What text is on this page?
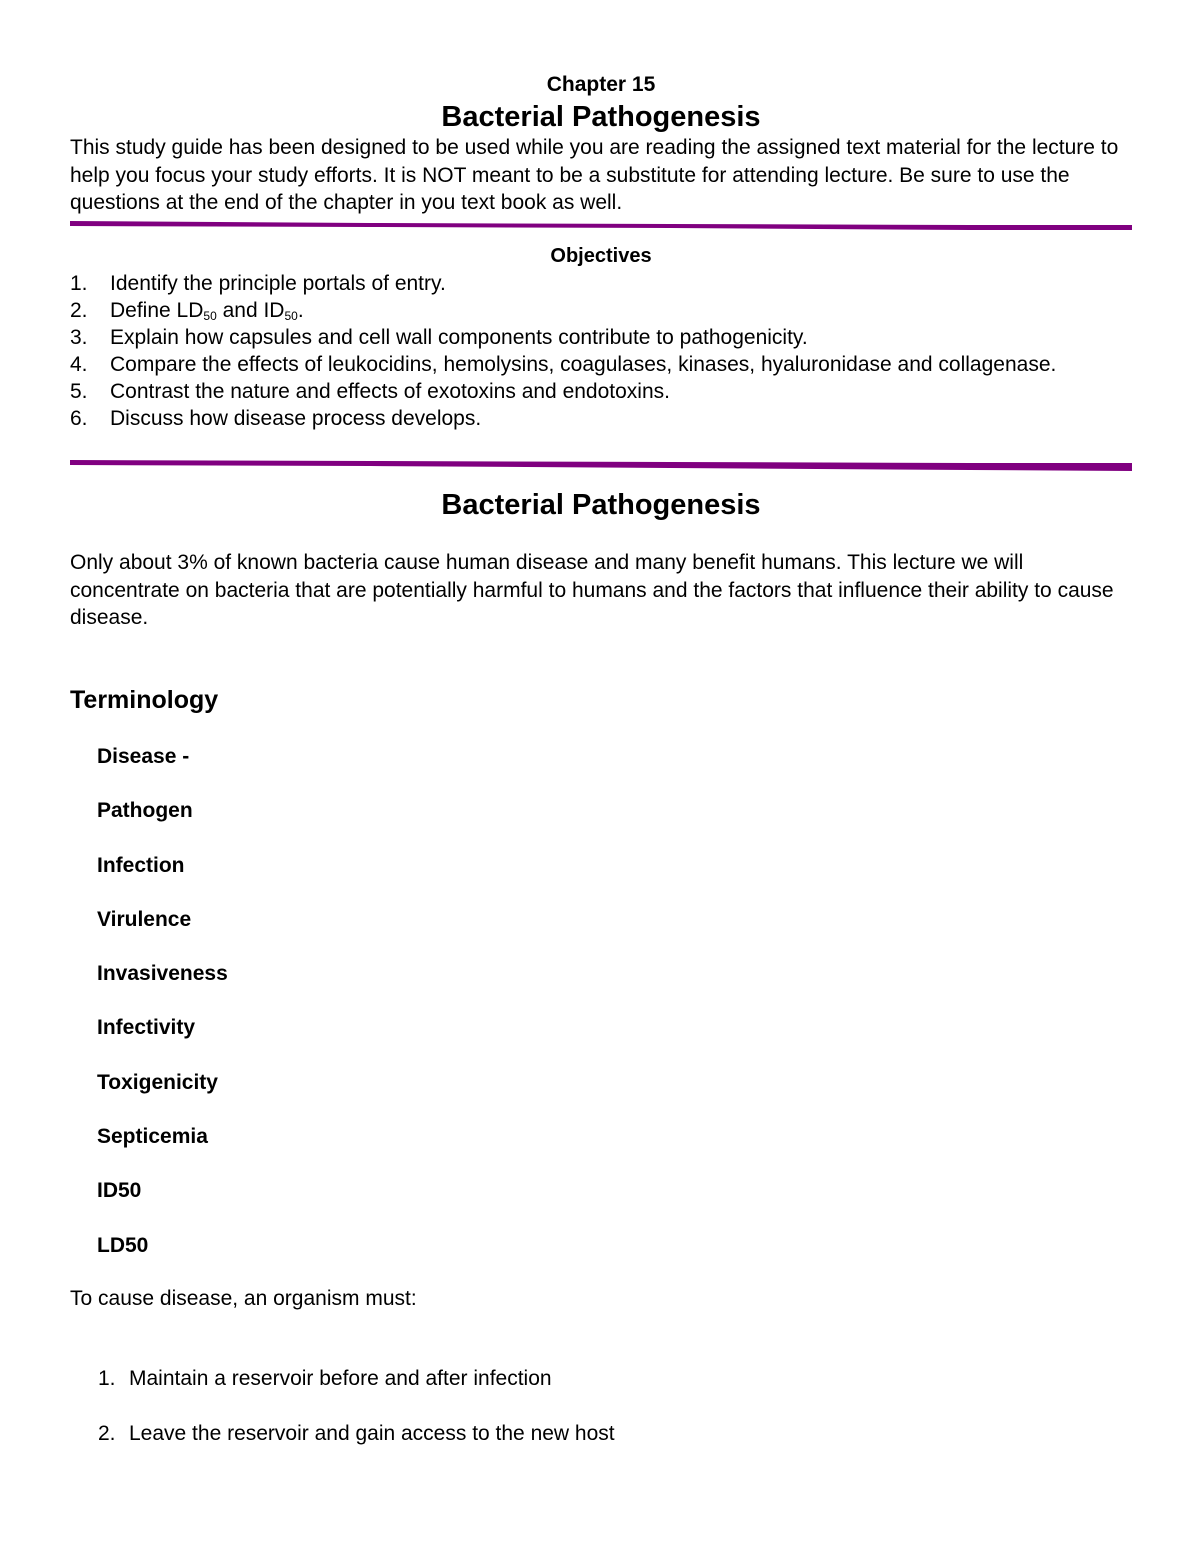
Chapter 15
Bacterial Pathogenesis

This study guide has been designed to be used while you are reading the assigned text material for the lecture to help you focus your study efforts. It is NOT meant to be a substitute for attending lecture. Be sure to use the questions at the end of the chapter in you text book as well.

Objectives
1. Identify the principle portals of entry.
2. Define $LD_{50}$ and $ID_{50}$.
3. Explain how capsules and cell wall components contribute to pathogenicity.
4. Compare the effects of leukocidins, hemolysins, coagulases, kinases, hyaluronidase and collagenase.
5. Contrast the nature and effects of exotoxins and endotoxins.
6. Discuss how disease process develops.
Bacterial Pathogenesis

Only about 3% of known bacteria cause human disease and many benefit humans. This lecture we will concentrate on bacteria that are potentially harmful to humans and the factors that influence their ability to cause disease.

Terminology
Disease -
Pathogen
Infection
Virulence
Invasiveness
Infectivity
Toxigenicity
Septicemia
ID50
LD50
To cause disease, an organism must:
1. Maintain a reservoir before and after infection
2. Leave the reservoir and gain access to the new host
